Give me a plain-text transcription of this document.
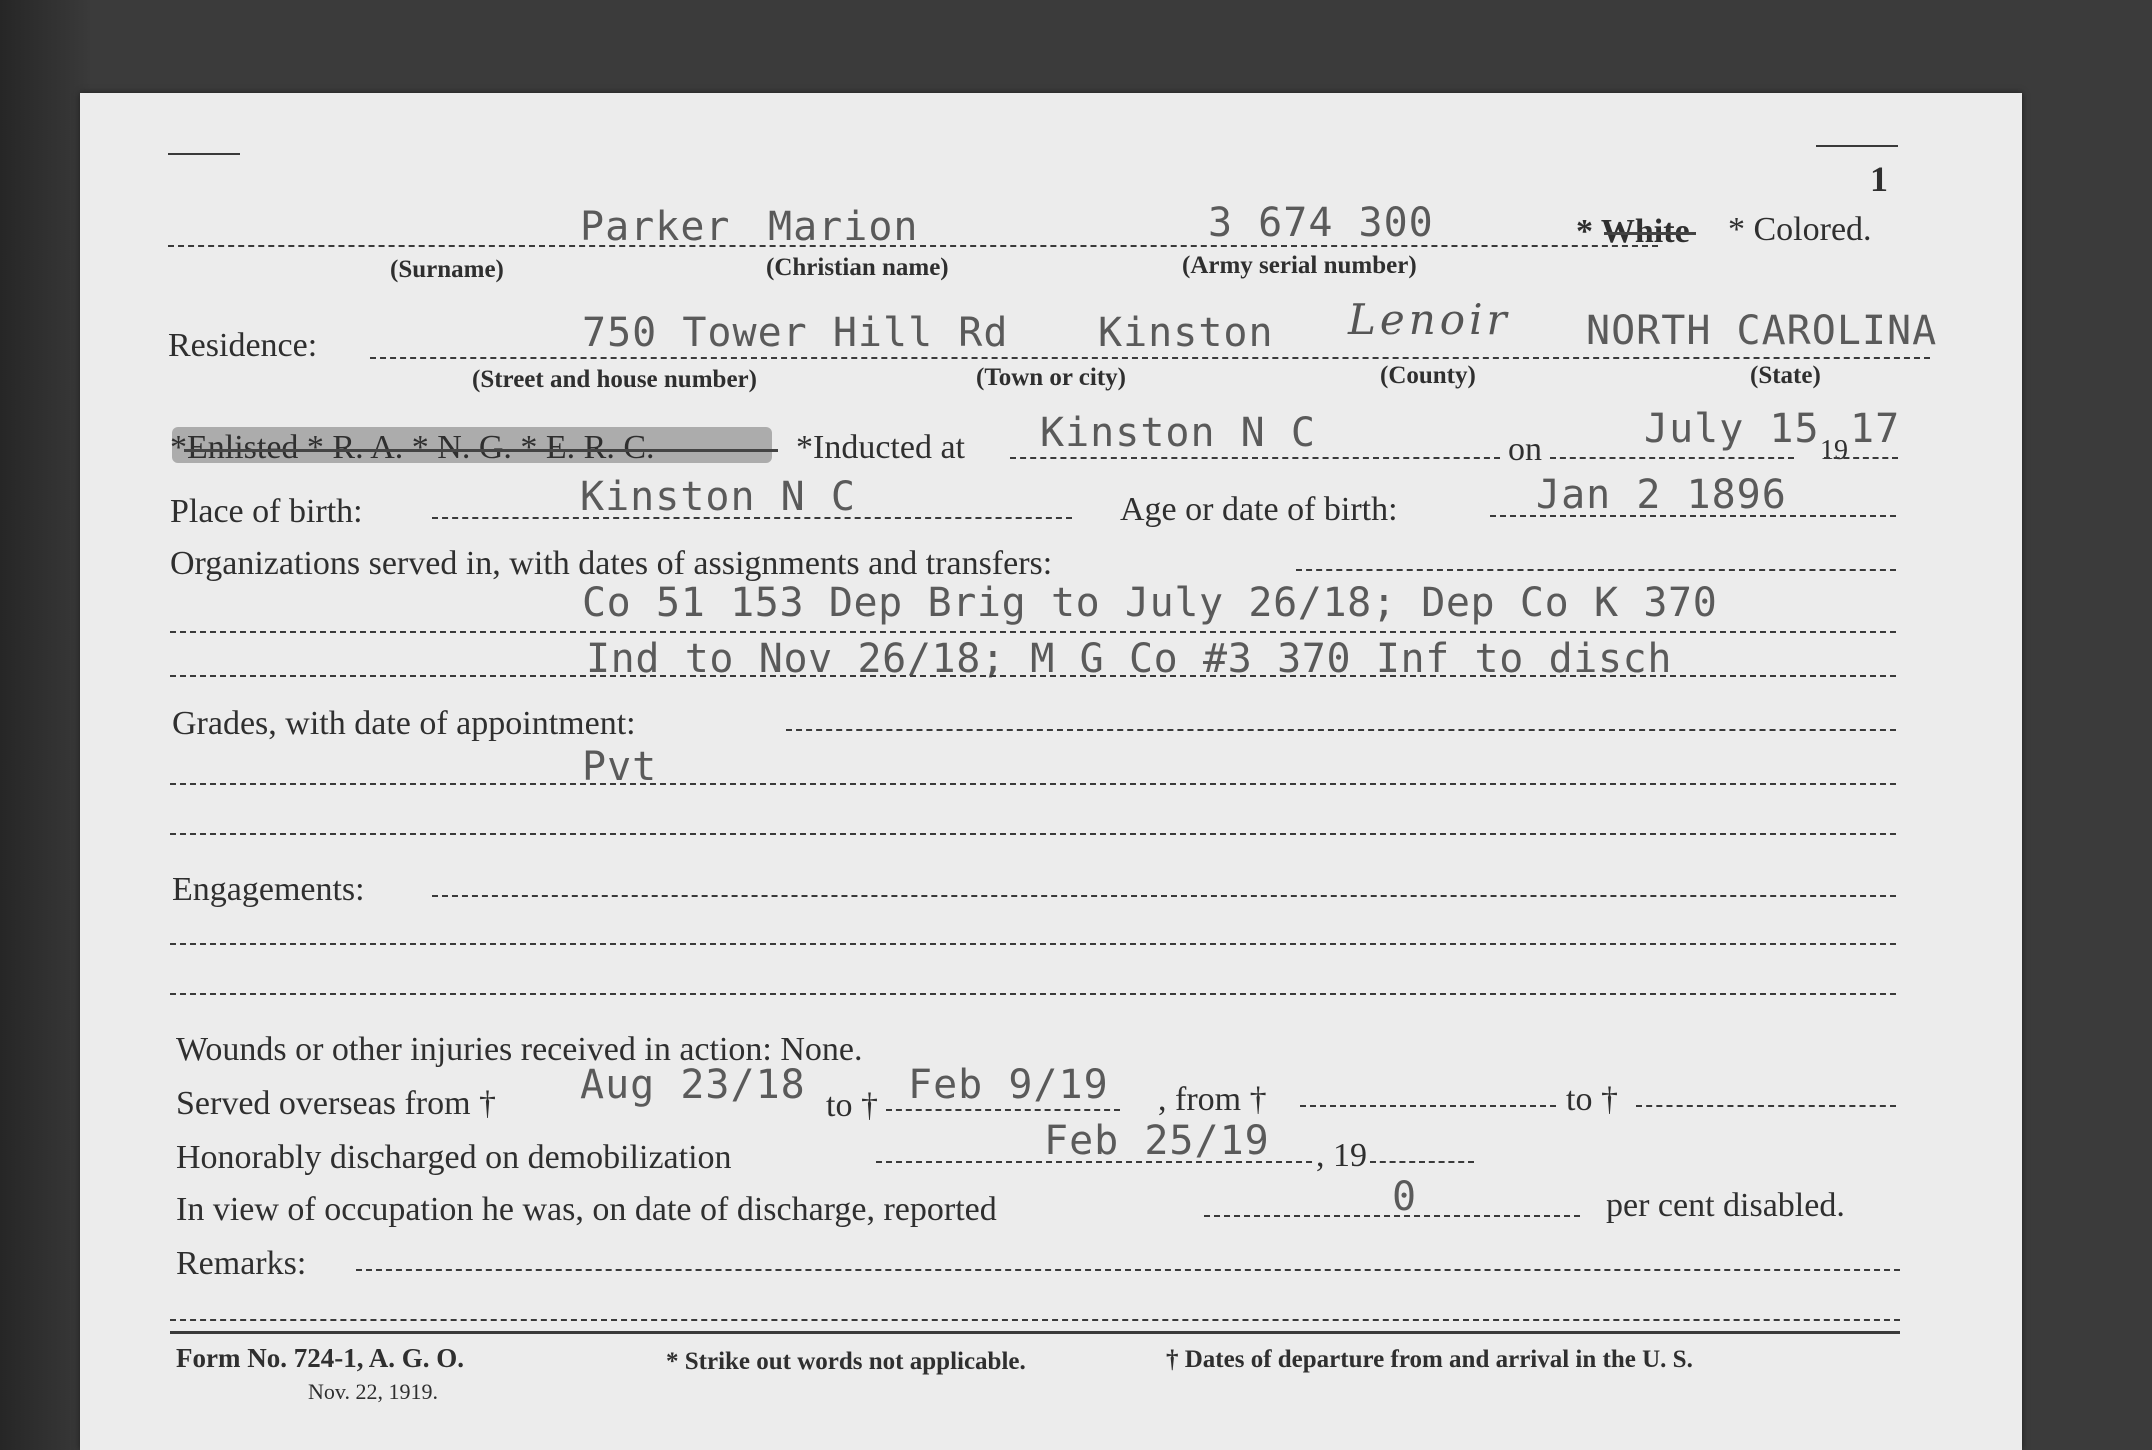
1
Parker Marion	3 674 300	* White * Colored.
(Surname)	(Christian name)	(Army serial number)
Residence:	750 Tower Hill Rd Kinston Lenoir NORTH CAROLINA
(Street and house number)	(Town or city)	(County)	(State)
*Enlisted * R. A. * N. G. * E. R. C.	*Inducted at Kinston N C	on	July 15 19 17
Place of birth:	Kinston N C	Age or date of birth:	Jan 2 1896
Organizations served in, with dates of assignments and transfers:
Co 51 153 Dep Brig to July 26/18; Dep Co K 370
Ind to Nov 26/18; M G Co #3 370 Inf to disch
Grades, with date of appointment:
Pvt
Engagements:
Wounds or other injuries received in action: None.
Served overseas from † Aug 23/18 to † Feb 9/19 , from †	to †
Honorably discharged on demobilization	Feb 25/19 , 19
In view of occupation he was, on date of discharge, reported	0	per cent disabled.
Remarks:
Form No. 724-1, A. G. O.
Nov. 22, 1919.
* Strike out words not applicable.	† Dates of departure from and arrival in the U. S.
